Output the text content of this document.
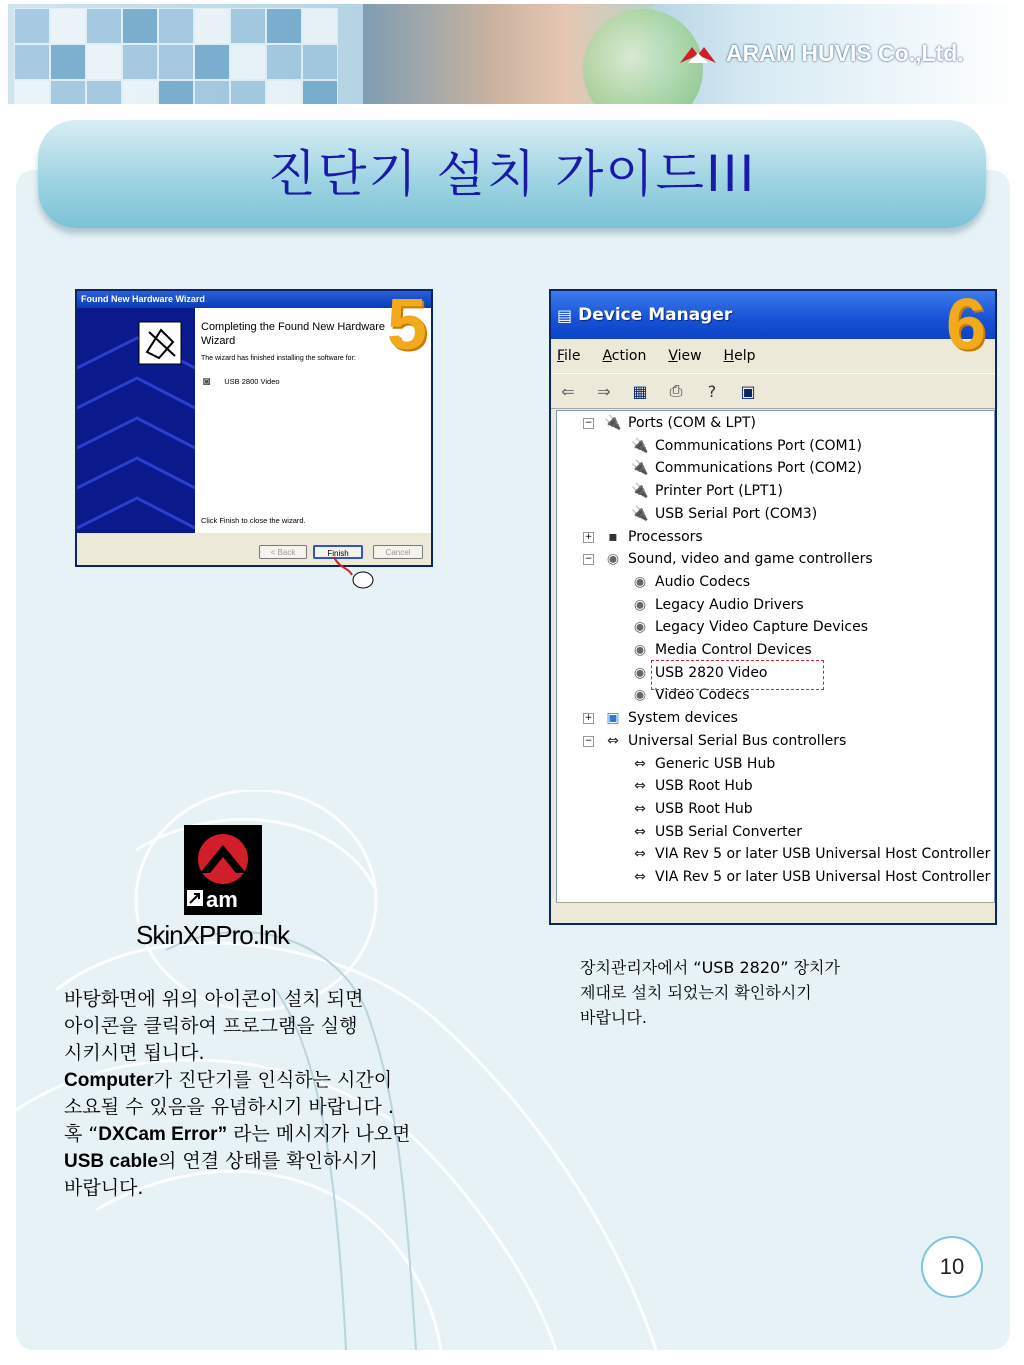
ARAM HUVIS Co.,Ltd.
진단기 설치 가이드III
Found New Hardware Wizard
Completing the Found New Hardware Wizard
The wizard has finished installing the software for:
◙ USB 2800 Video
Click Finish to close the wizard.
< Back	Finish	Cancel
5	▤ Device Manager
File Action View Help
⇐	⇒	▦	⎙	?	▣
− 🔌 Ports (COM & LPT)
🔌 Communications Port (COM1)
🔌 Communications Port (COM2)
🔌 Printer Port (LPT1)
🔌 USB Serial Port (COM3)
+	▪ Processors
− ◉ Sound, video and game controllers
◉ Audio Codecs
◉ Legacy Audio Drivers
◉ Legacy Video Capture Devices
◉ Media Control Devices
◉ USB 2820 Video
◉ Video Codecs
+ ▣ System devices
− ⇔ Universal Serial Bus controllers
⇔ Generic USB Hub
⇔ USB Root Hub
⇔ USB Root Hub
⇔ USB Serial Converter
⇔ VIA Rev 5 or later USB Universal Host Controller
⇔ VIA Rev 5 or later USB Universal Host Controller
6
am
SkinXPPro.lnk
바탕화면에 위의 아이콘이 설치 되면
아이콘을 클릭하여 프로그램을 실행
시키시면 됩니다.
Computer가 진단기를 인식하는 시간이
소요될 수 있음을 유념하시기 바랍니다 .
혹 “DXCam Error” 라는 메시지가 나오면
USB cable의 연결 상태를 확인하시기
바랍니다.
장치관리자에서 “USB 2820” 장치가
제대로 설치 되었는지 확인하시기
바랍니다.
10
